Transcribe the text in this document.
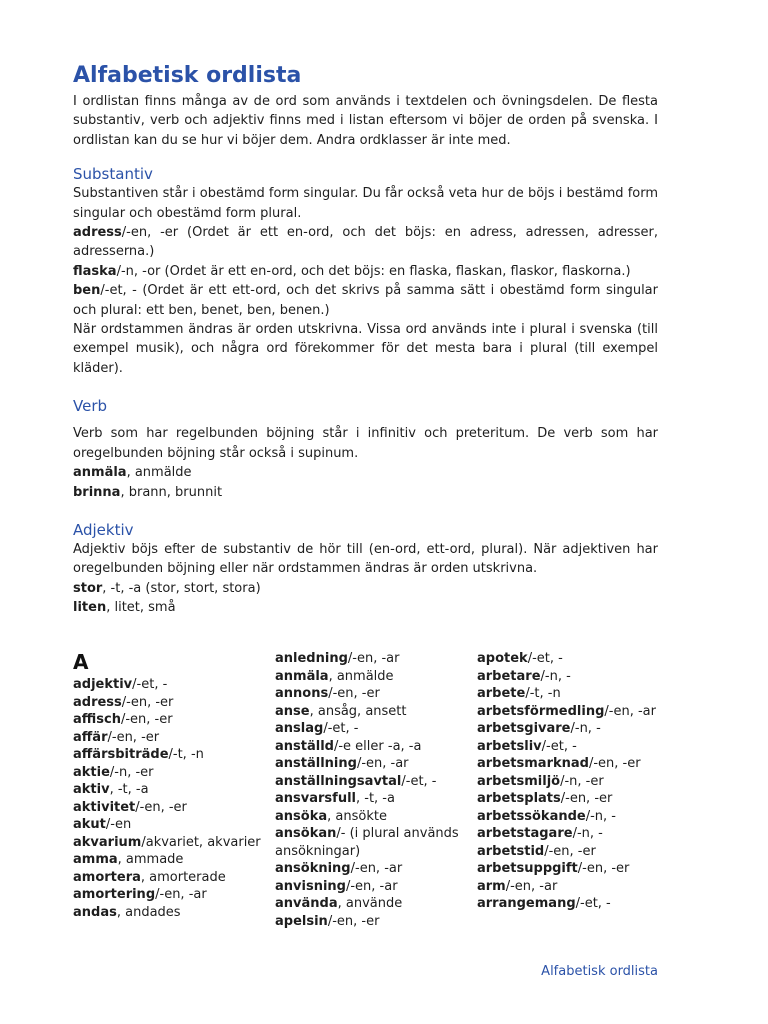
Alfabetisk ordlista

I ordlistan finns många av de ord som används i textdelen och övningsdelen. De flesta substantiv, verb och adjektiv finns med i listan eftersom vi böjer de orden på svenska. I ordlistan kan du se hur vi böjer dem. Andra ordklasser är inte med.

Substantiv

Substantiven står i obestämd form singular. Du får också veta hur de böjs i bestämd form singular och obestämd form plural.

adress/-en, -er (Ordet är ett en-ord, och det böjs: en adress, adressen, adresser, adresserna.)

flaska/-n, -or (Ordet är ett en-ord, och det böjs: en flaska, flaskan, flaskor, flaskorna.)

ben/-et, - (Ordet är ett ett-ord, och det skrivs på samma sätt i obestämd form singular och plural: ett ben, benet, ben, benen.)

När ordstammen ändras är orden utskrivna. Vissa ord används inte i plural i svenska (till exempel musik), och några ord förekommer för det mesta bara i plural (till exempel kläder).

Verb

Verb som har regelbunden böjning står i infinitiv och preteritum. De verb som har oregelbunden böjning står också i supinum.

anmäla, anmälde

brinna, brann, brunnit

Adjektiv

Adjektiv böjs efter de substantiv de hör till (en-ord, ett-ord, plural). När adjektiven har oregelbunden böjning eller när ordstammen ändras är orden utskrivna.

stor, -t, -a (stor, stort, stora)

liten, litet, små

A

adjektiv/-et, -

adress/-en, -er

affisch/-en, -er

affär/-en, -er

affärsbiträde/-t, -n

aktie/-n, -er

aktiv, -t, -a

aktivitet/-en, -er

akut/-en

akvarium/akvariet, akvarier

amma, ammade

amortera, amorterade

amortering/-en, -ar

andas, andades

anledning/-en, -ar

anmäla, anmälde

annons/-en, -er

anse, ansåg, ansett

anslag/-et, -

anställd/-e eller -a, -a

anställning/-en, -ar

anställningsavtal/-et, -

ansvarsfull, -t, -a

ansöka, ansökte

ansökan/- (i plural används ansökningar)

ansökning/-en, -ar

anvisning/-en, -ar

använda, använde

apelsin/-en, -er

apotek/-et, -

arbetare/-n, -

arbete/-t, -n

arbetsförmedling/-en, -ar

arbetsgivare/-n, -

arbetsliv/-et, -

arbetsmarknad/-en, -er

arbetsmiljö/-n, -er

arbetsplats/-en, -er

arbetssökande/-n, -

arbetstagare/-n, -

arbetstid/-en, -er

arbetsuppgift/-en, -er

arm/-en, -ar

arrangemang/-et, -

Alfabetisk ordlista
